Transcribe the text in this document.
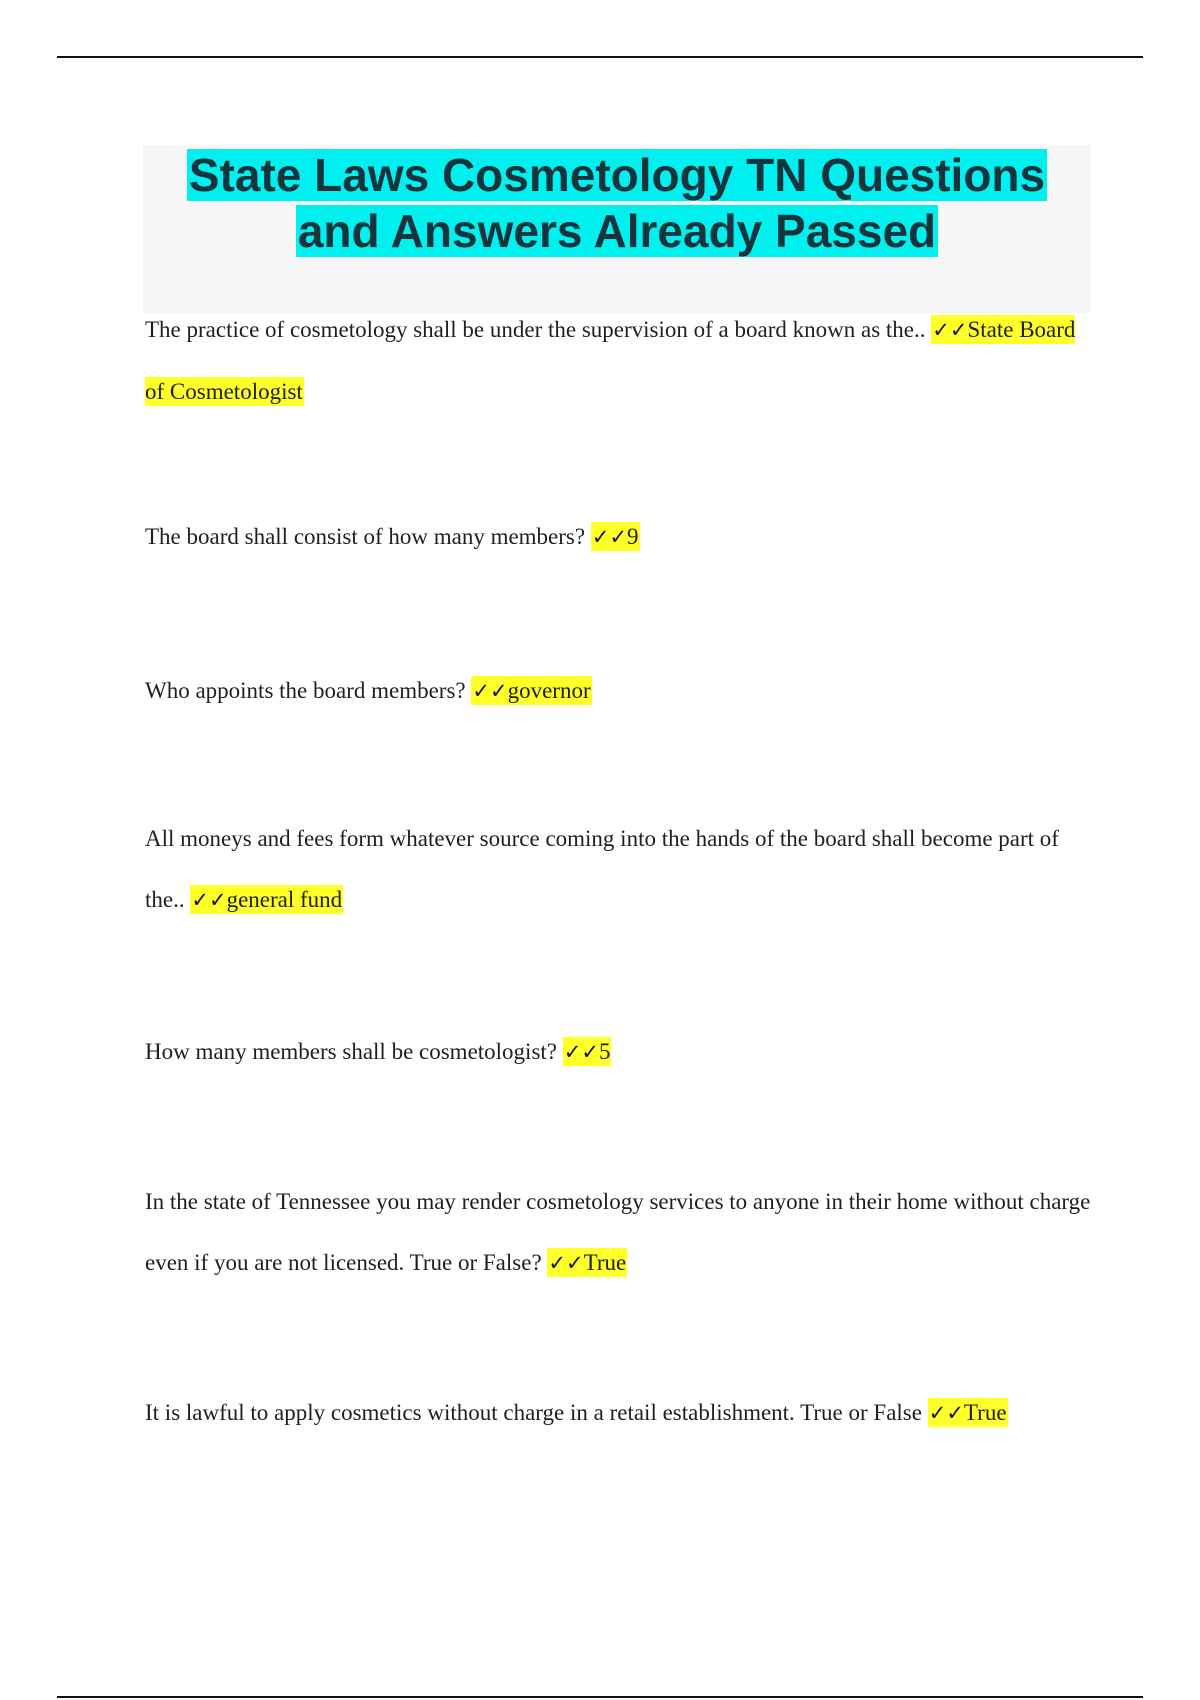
State Laws Cosmetology TN Questions
and Answers Already Passed

The practice of cosmetology shall be under the supervision of a board known as the.. ✓✓State Board of Cosmetologist

The board shall consist of how many members? ✓✓9

Who appoints the board members? ✓✓governor

All moneys and fees form whatever source coming into the hands of the board shall become part of the.. ✓✓general fund

How many members shall be cosmetologist? ✓✓5

In the state of Tennessee you may render cosmetology services to anyone in their home without charge even if you are not licensed. True or False? ✓✓True

It is lawful to apply cosmetics without charge in a retail establishment. True or False ✓✓True
